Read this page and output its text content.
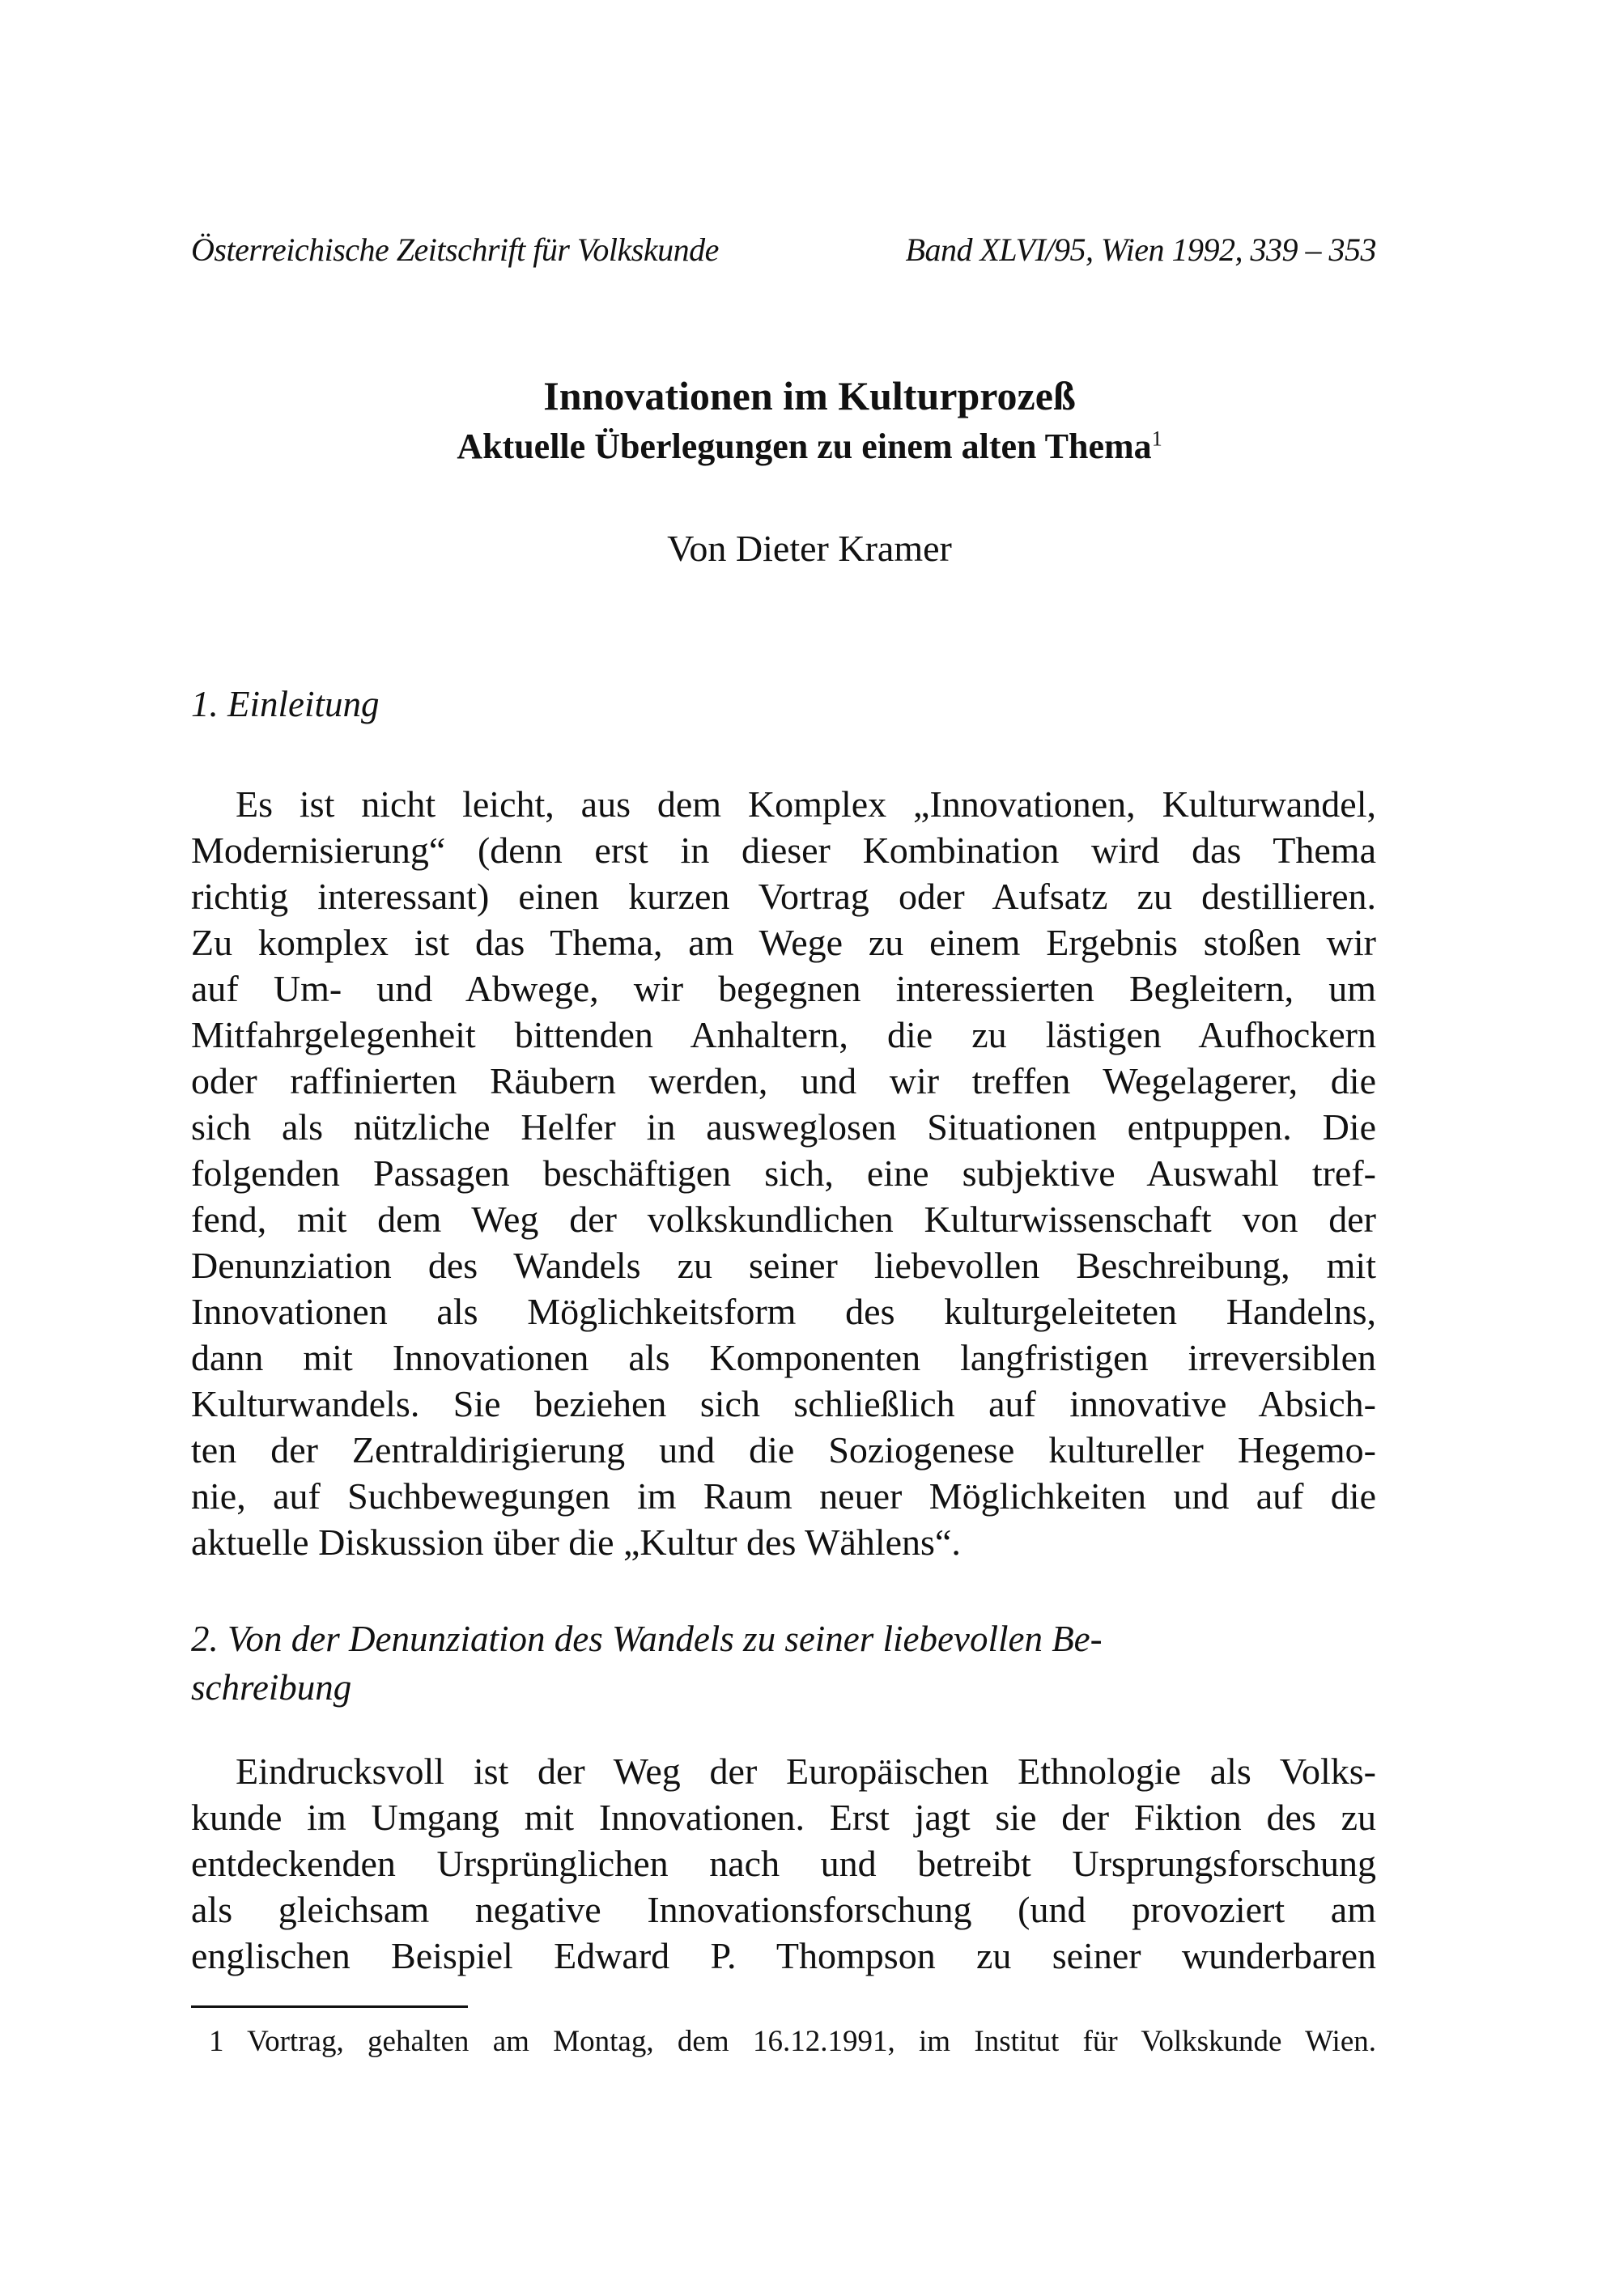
Österreichische Zeitschrift für Volkskunde	Band XLVI/95, Wien 1992, 339 – 353
Innovationen im Kulturprozeß
Aktuelle Überlegungen zu einem alten Thema$^1$
Von Dieter Kramer
1. Einleitung
Es ist nicht leicht, aus dem Komplex „Innovationen, Kulturwandel,
Modernisierung“ (denn erst in dieser Kombination wird das Thema
richtig interessant) einen kurzen Vortrag oder Aufsatz zu destillieren.
Zu komplex ist das Thema, am Wege zu einem Ergebnis stoßen wir
auf Um- und Abwege, wir begegnen interessierten Begleitern, um
Mitfahrgelegenheit bittenden Anhaltern, die zu lästigen Aufhockern
oder raffinierten Räubern werden, und wir treffen Wegelagerer, die
sich als nützliche Helfer in ausweglosen Situationen entpuppen. Die
folgenden Passagen beschäftigen sich, eine subjektive Auswahl tref-
fend, mit dem Weg der volkskundlichen Kulturwissenschaft von der
Denunziation des Wandels zu seiner liebevollen Beschreibung, mit
Innovationen als Möglichkeitsform des kulturgeleiteten Handelns,
dann mit Innovationen als Komponenten langfristigen irreversiblen
Kulturwandels. Sie beziehen sich schließlich auf innovative Absich-
ten der Zentraldirigierung und die Soziogenese kultureller Hegemo-
nie, auf Suchbewegungen im Raum neuer Möglichkeiten und auf die
aktuelle Diskussion über die „Kultur des Wählens“.
2. Von der Denunziation des Wandels zu seiner liebevollen Be-
schreibung
Eindrucksvoll ist der Weg der Europäischen Ethnologie als Volks-
kunde im Umgang mit Innovationen. Erst jagt sie der Fiktion des zu
entdeckenden Ursprünglichen nach und betreibt Ursprungsforschung
als gleichsam negative Innovationsforschung (und provoziert am
englischen Beispiel Edward P. Thompson zu seiner wunderbaren
1 Vortrag, gehalten am Montag, dem 16.12.1991, im Institut für Volkskunde Wien.
